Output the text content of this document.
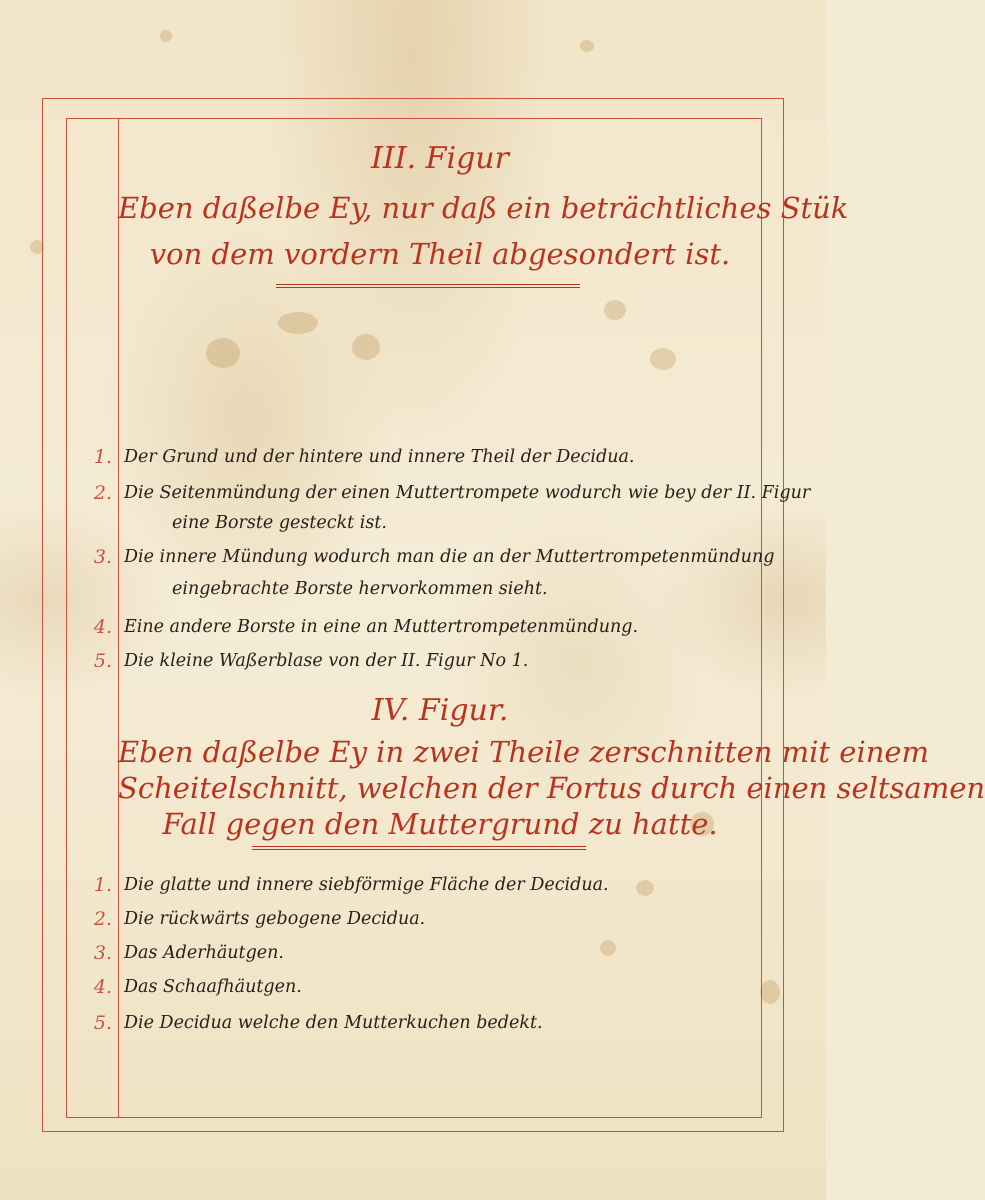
III. Figur
Eben daßelbe Ey, nur daß ein beträchtliches Stük
von dem vordern Theil abgesondert ist.
1. Der Grund und der hintere und innere Theil der Decidua.
2. Die Seitenmündung der einen Muttertrompete wodurch wie bey der II. Figur
eine Borste gesteckt ist.
3. Die innere Mündung wodurch man die an der Muttertrompetenmündung
eingebrachte Borste hervorkommen sieht.
4. Eine andere Borste in eine an Muttertrompetenmündung.
5. Die kleine Waßerblase von der II. Figur No 1.
IV. Figur.
Eben daßelbe Ey in zwei Theile zerschnitten mit einem
Scheitelschnitt, welchen der Fortus durch einen seltsamen
Fall gegen den Muttergrund zu hatte.
1. Die glatte und innere siebförmige Fläche der Decidua.
2. Die rückwärts gebogene Decidua.
3. Das Aderhäutgen.
4. Das Schaafhäutgen.
5. Die Decidua welche den Mutterkuchen bedekt.
